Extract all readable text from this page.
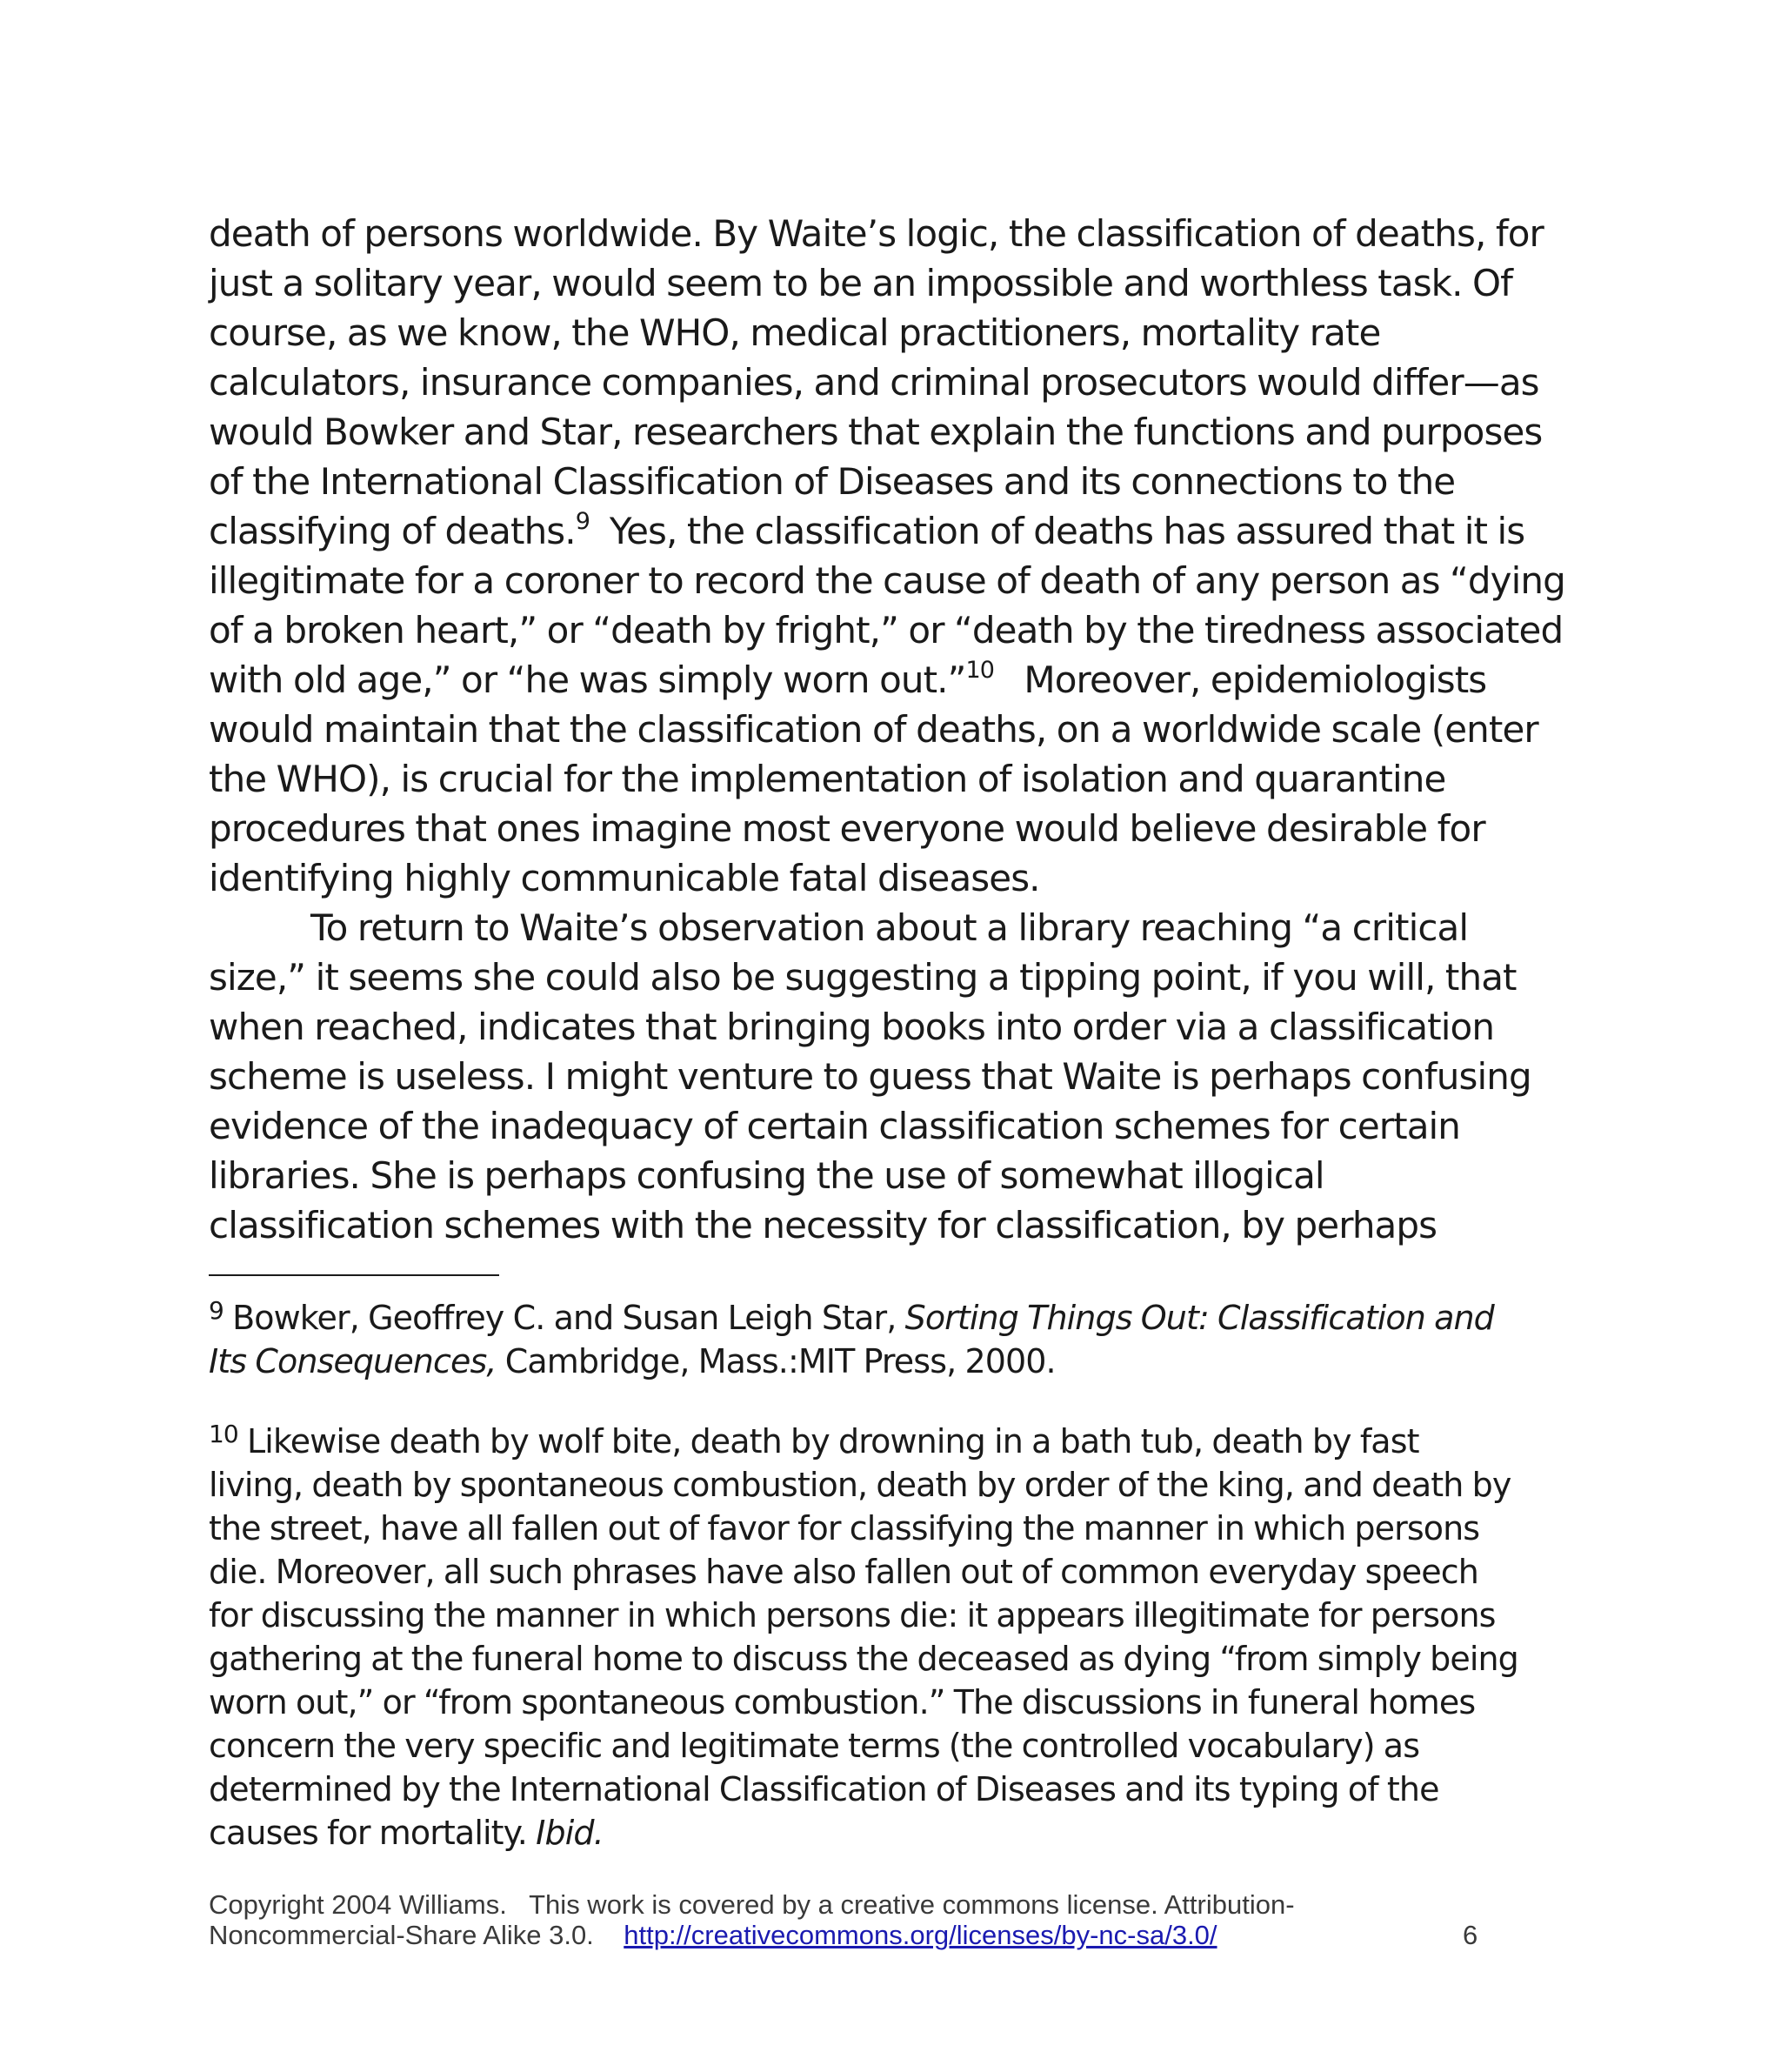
death of persons worldwide. By Waite’s logic, the classification of deaths, for
just a solitary year, would seem to be an impossible and worthless task. Of
course, as we know, the WHO, medical practitioners, mortality rate
calculators, insurance companies, and criminal prosecutors would differ—as
would Bowker and Star, researchers that explain the functions and purposes
of the International Classification of Diseases and its connections to the
classifying of deaths.$^9$  Yes, the classification of deaths has assured that it is
illegitimate for a coroner to record the cause of death of any person as “dying
of a broken heart,” or “death by fright,” or “death by the tiredness associated
with old age,” or “he was simply worn out.”$^{10}$   Moreover, epidemiologists
would maintain that the classification of deaths, on a worldwide scale (enter
the WHO), is crucial for the implementation of isolation and quarantine
procedures that ones imagine most everyone would believe desirable for
identifying highly communicable fatal diseases.
To return to Waite’s observation about a library reaching “a critical
size,” it seems she could also be suggesting a tipping point, if you will, that
when reached, indicates that bringing books into order via a classification
scheme is useless. I might venture to guess that Waite is perhaps confusing
evidence of the inadequacy of certain classification schemes for certain
libraries. She is perhaps confusing the use of somewhat illogical
classification schemes with the necessity for classification, by perhaps
$^9$ Bowker, Geoffrey C. and Susan Leigh Star, Sorting Things Out: Classification and
Its Consequences, Cambridge, Mass.:MIT Press, 2000.
$^{10}$ Likewise death by wolf bite, death by drowning in a bath tub, death by fast
living, death by spontaneous combustion, death by order of the king, and death by
the street, have all fallen out of favor for classifying the manner in which persons
die. Moreover, all such phrases have also fallen out of common everyday speech
for discussing the manner in which persons die: it appears illegitimate for persons
gathering at the funeral home to discuss the deceased as dying “from simply being
worn out,” or “from spontaneous combustion.” The discussions in funeral homes
concern the very specific and legitimate terms (the controlled vocabulary) as
determined by the International Classification of Diseases and its typing of the
causes for mortality. Ibid.
Copyright 2004 Williams.   This work is covered by a creative commons license. Attribution-
Noncommercial-Share Alike 3.0.    http://creativecommons.org/licenses/by-nc-sa/3.0/	6
